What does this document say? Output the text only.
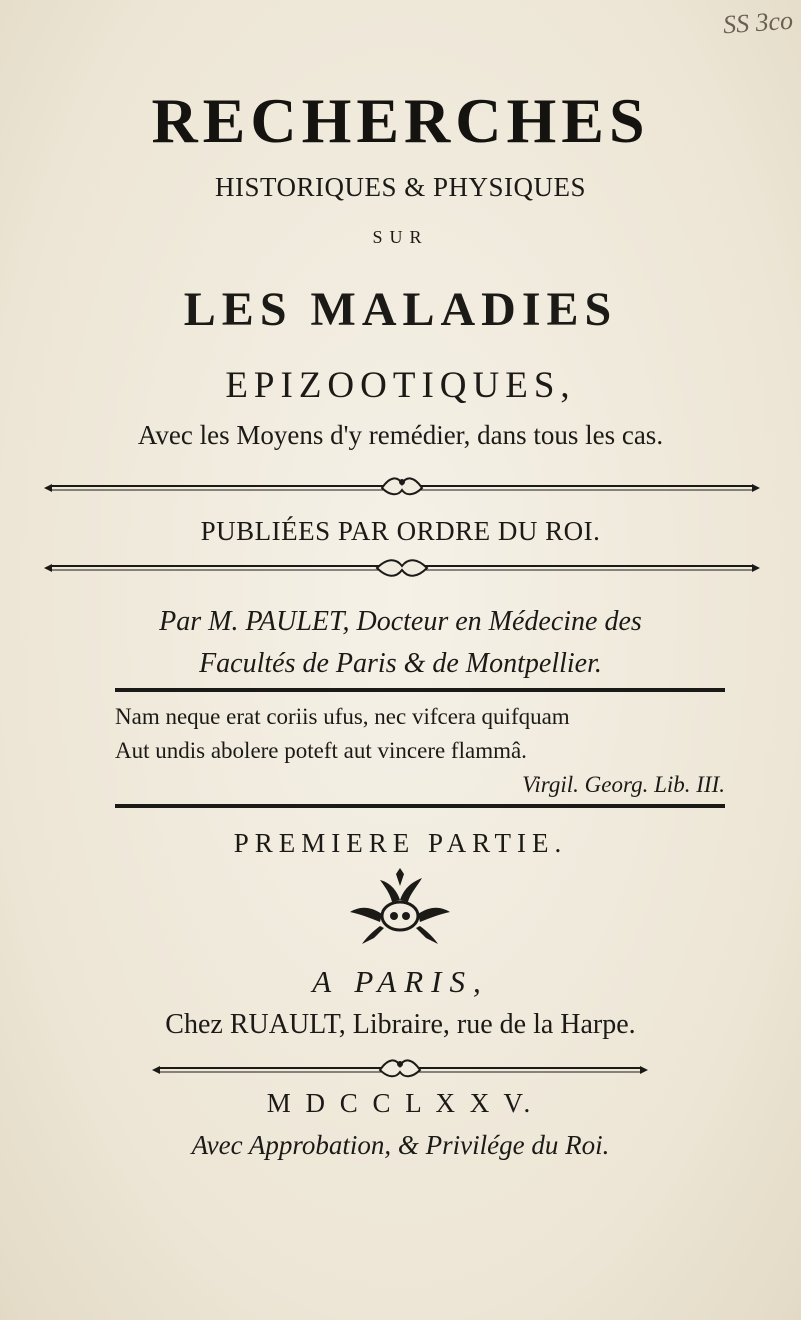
SS 3co
RECHERCHES
HISTORIQUES & PHYSIQUES
SUR
LES MALADIES
EPIZOOTIQUES,
Avec les Moyens d'y remédier, dans tous les cas.
PUBLIÉES PAR ORDRE DU ROI.
Par M. PAULET, Docteur en Médecine des
Facultés de Paris & de Montpellier.
Nam neque erat coriis ufus, nec vifcera quifquam
Aut undis abolere poteft aut vincere flammâ.
Virgil. Georg. Lib. III.
PREMIERE PARTIE.
A PARIS,
Chez RUAULT, Libraire, rue de la Harpe.
M D C C L X X V.
Avec Approbation, & Privilége du Roi.
